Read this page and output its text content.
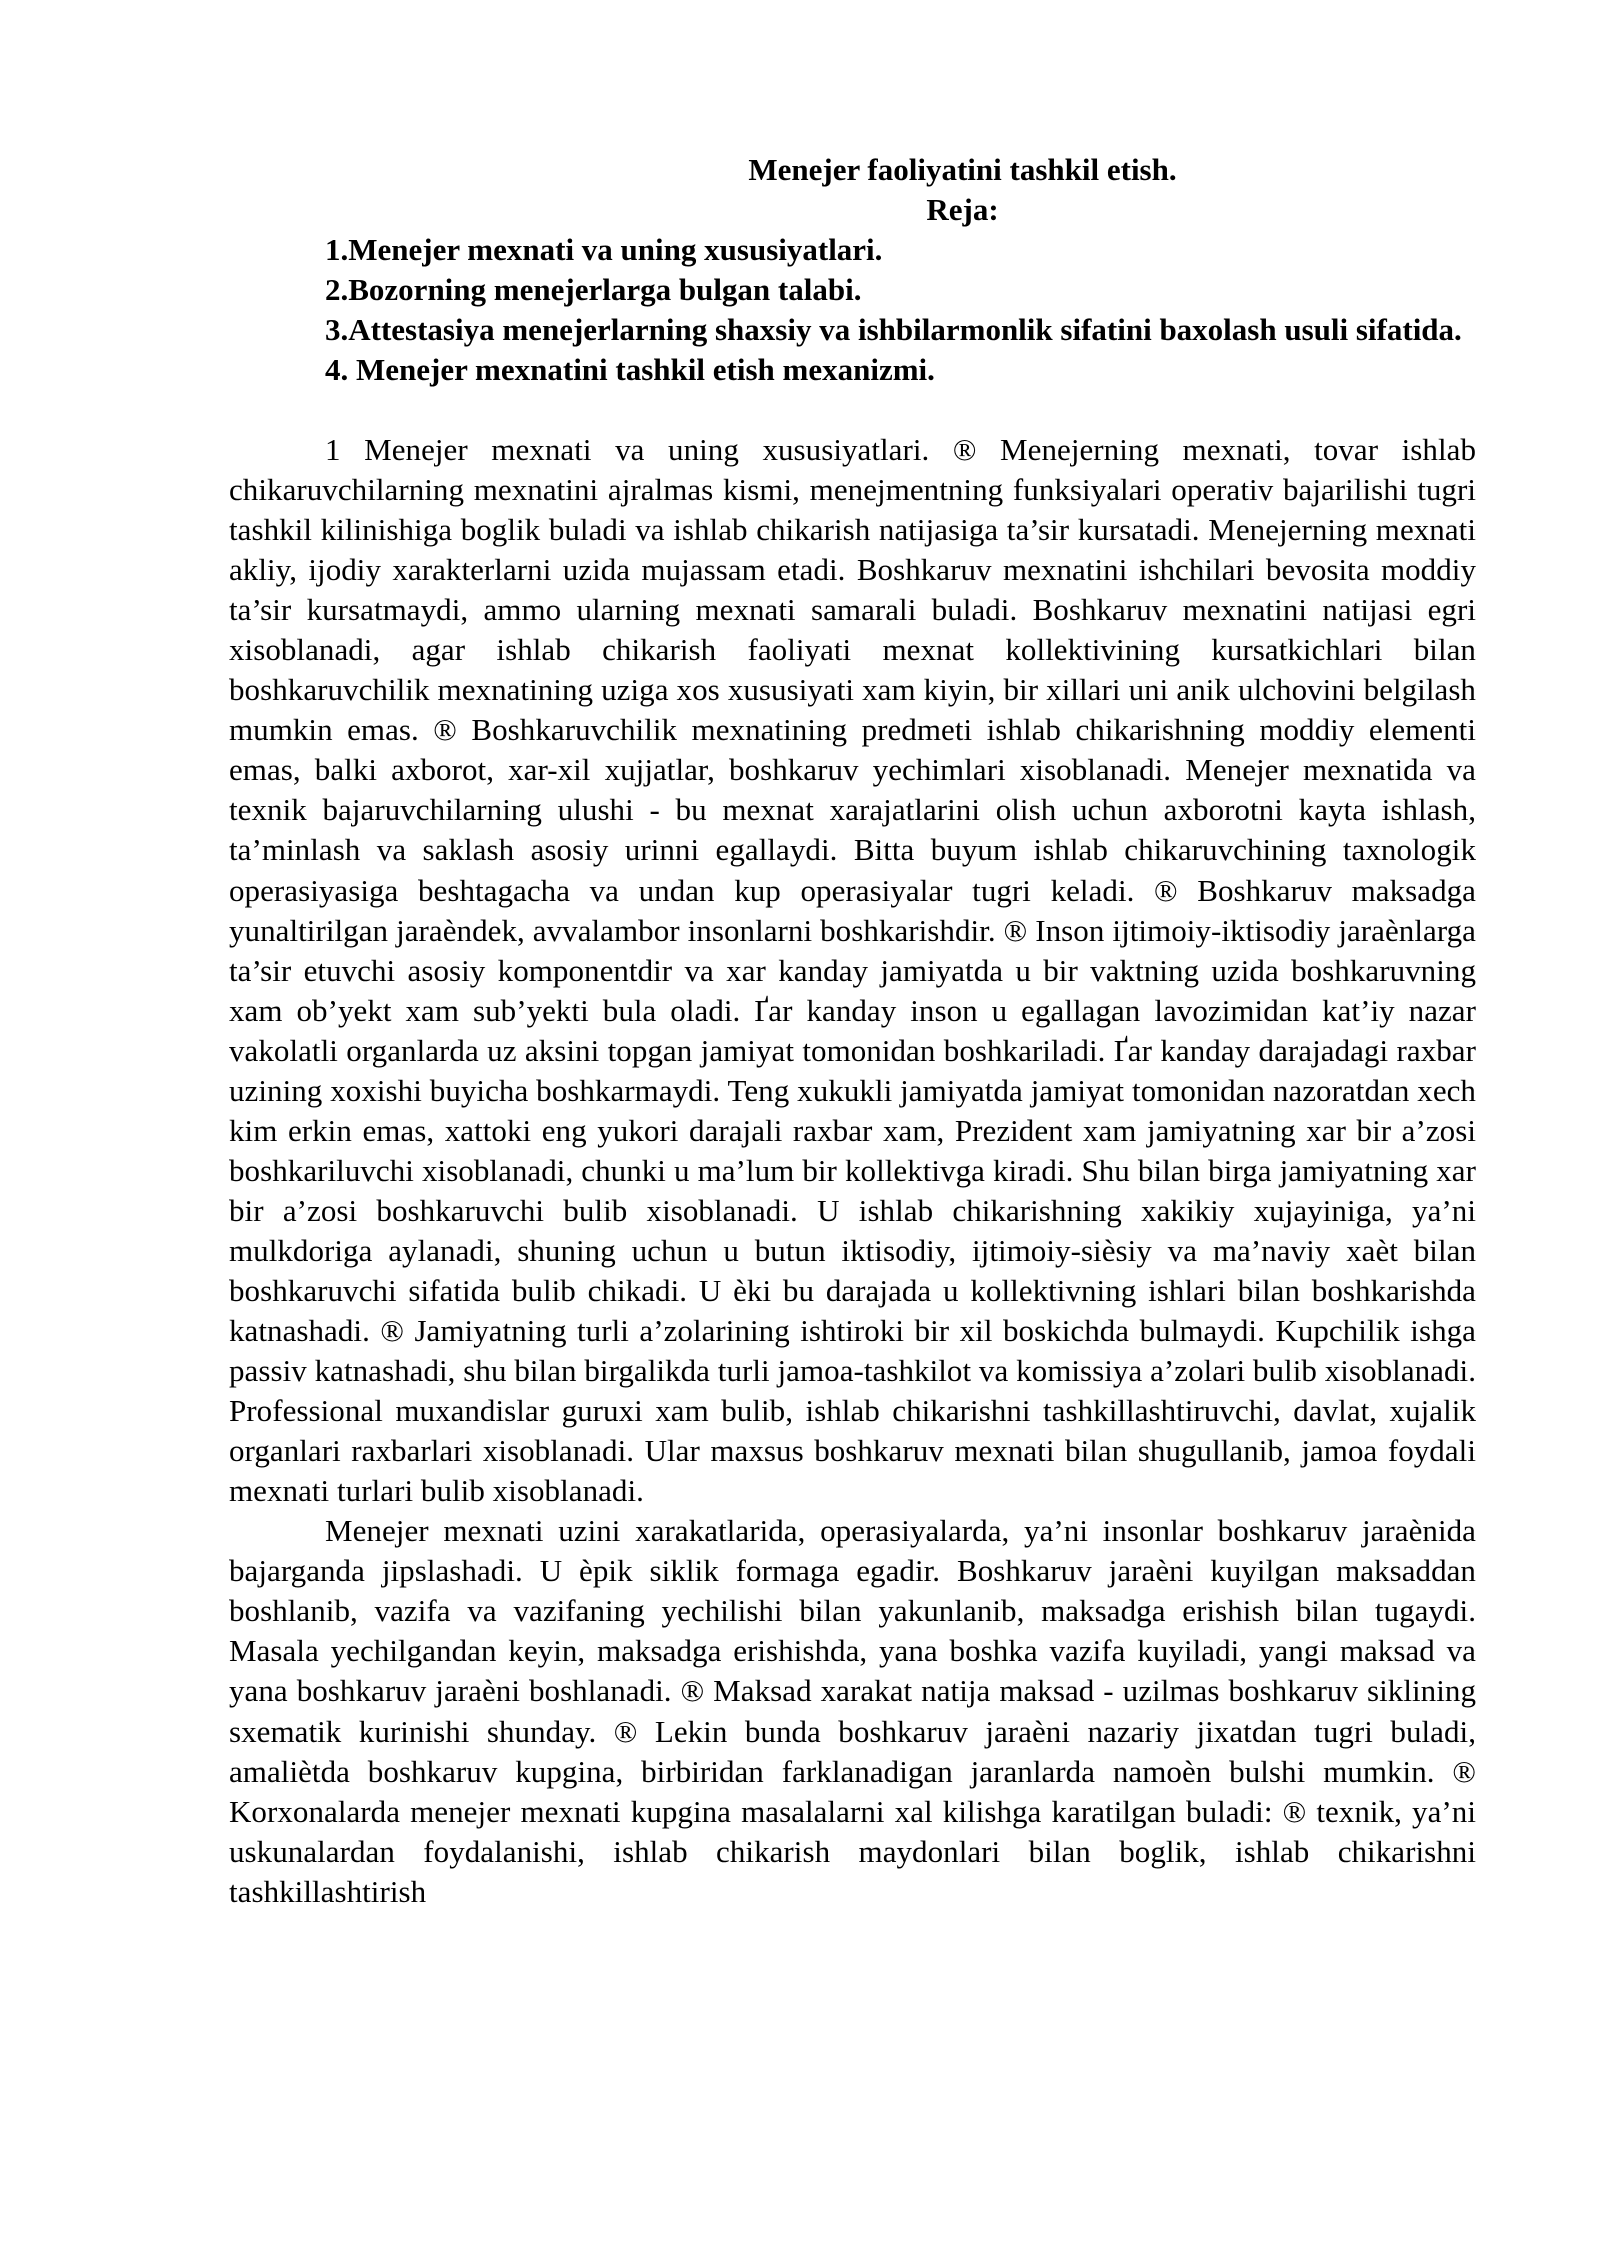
Menejer faoliyatini tashkil etish.
Reja:
1.Menejer mexnati va uning xususiyatlari.
2.Bozorning menejerlarga bulgan talabi.
3.Attestasiya menejerlarning shaxsiy va ishbilarmonlik sifatini baxolash usuli sifatida.
4. Menejer mexnatini tashkil etish mexanizmi.

1 Menejer mexnati va uning xususiyatlari. ® Menejerning mexnati, tovar ishlab chikaruvchilarning mexnatini ajralmas kismi, menejmentning funksiyalari operativ bajarilishi tugri tashkil kilinishiga boglik buladi va ishlab chikarish natijasiga ta’sir kursatadi. Menejerning mexnati akliy, ijodiy xarakterlarni uzida mujassam etadi. Boshkaruv mexnatini ishchilari bevosita moddiy ta’sir kursatmaydi, ammo ularning mexnati samarali buladi. Boshkaruv mexnatini natijasi egri xisoblanadi, agar ishlab chikarish faoliyati mexnat kollektivining kursatkichlari bilan boshkaruvchilik mexnatining uziga xos xususiyati xam kiyin, bir xillari uni anik ulchovini belgilash mumkin emas. ® Boshkaruvchilik mexnatining predmeti ishlab chikarishning moddiy elementi emas, balki axborot, xar-xil xujjatlar, boshkaruv yechimlari xisoblanadi. Menejer mexnatida va texnik bajaruvchilarning ulushi - bu mexnat xarajatlarini olish uchun axborotni kayta ishlash, ta’minlash va saklash asosiy urinni egallaydi. Bitta buyum ishlab chikaruvchining taxnologik operasiyasiga beshtagacha va undan kup operasiyalar tugri keladi. ® Boshkaruv maksadga yunaltirilgan jaraèndek, avvalambor insonlarni boshkarishdir. ® Inson ijtimoiy-iktisodiy jaraènlarga ta’sir etuvchi asosiy komponentdir va xar kanday jamiyatda u bir vaktning uzida boshkaruvning xam ob’yekt xam sub’yekti bula oladi. Ґar kanday inson u egallagan lavozimidan kat’iy nazar vakolatli organlarda uz aksini topgan jamiyat tomonidan boshkariladi. Ґar kanday darajadagi raxbar uzining xoxishi buyicha boshkarmaydi. Teng xukukli jamiyatda jamiyat tomonidan nazoratdan xech kim erkin emas, xattoki eng yukori darajali raxbar xam, Prezident xam jamiyatning xar bir a’zosi boshkariluvchi xisoblanadi, chunki u ma’lum bir kollektivga kiradi. Shu bilan birga jamiyatning xar bir a’zosi boshkaruvchi bulib xisoblanadi. U ishlab chikarishning xakikiy xujayiniga, ya’ni mulkdoriga aylanadi, shuning uchun u butun iktisodiy, ijtimoiy-sièsiy va ma’naviy xaèt bilan boshkaruvchi sifatida bulib chikadi. U èki bu darajada u kollektivning ishlari bilan boshkarishda katnashadi. ® Jamiyatning turli a’zolarining ishtiroki bir xil boskichda bulmaydi. Kupchilik ishga passiv katnashadi, shu bilan birgalikda turli jamoa-tashkilot va komissiya a’zolari bulib xisoblanadi. Professional muxandislar guruxi xam bulib, ishlab chikarishni tashkillashtiruvchi, davlat, xujalik organlari raxbarlari xisoblanadi. Ular maxsus boshkaruv mexnati bilan shugullanib, jamoa foydali mexnati turlari bulib xisoblanadi.

Menejer mexnati uzini xarakatlarida, operasiyalarda, ya’ni insonlar boshkaruv jaraènida bajarganda jipslashadi. U èpik siklik formaga egadir. Boshkaruv jaraèni kuyilgan maksaddan boshlanib, vazifa va vazifaning yechilishi bilan yakunlanib, maksadga erishish bilan tugaydi. Masala yechilgandan keyin, maksadga erishishda, yana boshka vazifa kuyiladi, yangi maksad va yana boshkaruv jaraèni boshlanadi. ® Maksad xarakat natija maksad - uzilmas boshkaruv siklining sxematik kurinishi shunday. ® Lekin bunda boshkaruv jaraèni nazariy jixatdan tugri buladi, amaliètda boshkaruv kupgina, birbiridan farklanadigan jaranlarda namoèn bulshi mumkin. ® Korxonalarda menejer mexnati kupgina masalalarni xal kilishga karatilgan buladi: ® texnik, ya’ni uskunalardan foydalanishi, ishlab chikarish maydonlari bilan boglik, ishlab chikarishni tashkillashtirish
